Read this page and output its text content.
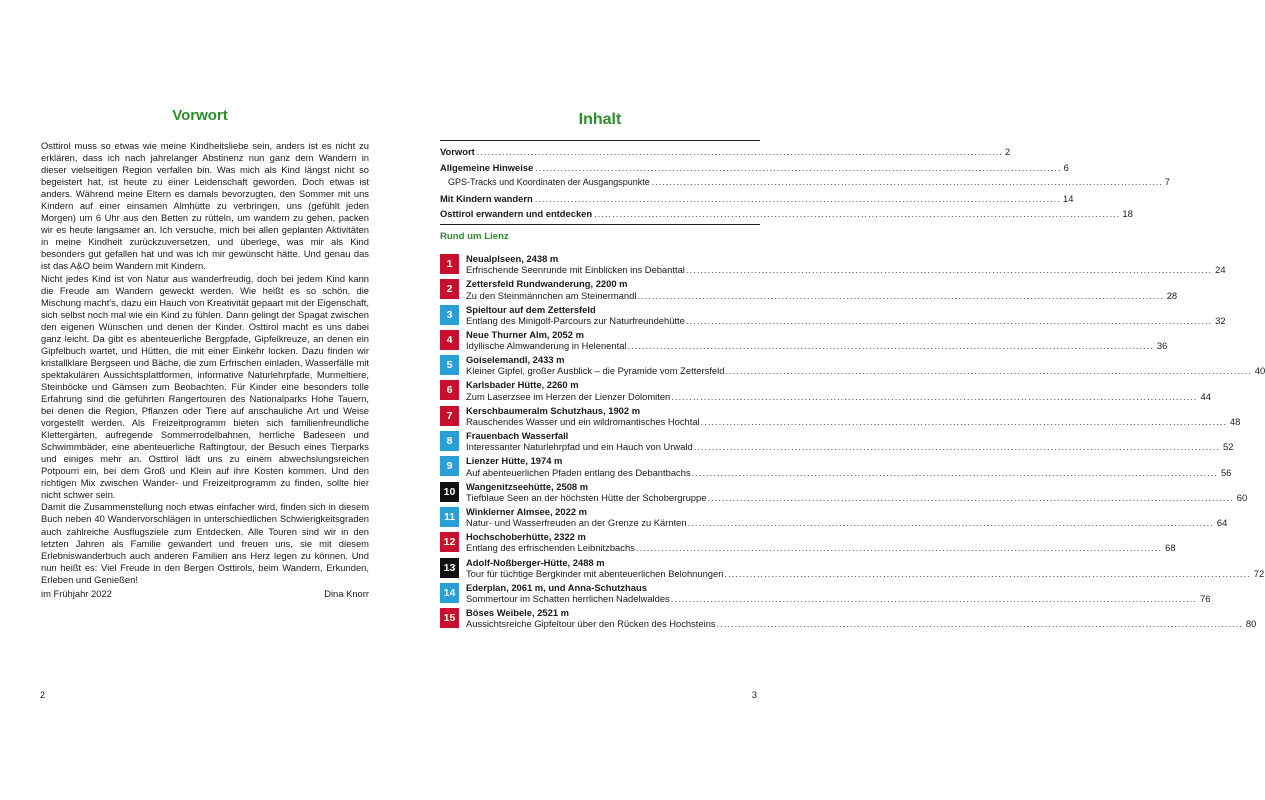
Vorwort

Osttirol muss so etwas wie meine Kindheitsliebe sein, anders ist es nicht zu erklären, dass ich nach jahrelanger Abstinenz nun ganz dem Wandern in dieser vielseitigen Region verfallen bin. Was mich als Kind längst nicht so begeistert hat, ist heute zu einer Leidenschaft geworden. Doch etwas ist anders. Während meine Eltern es damals bevorzugten, den Sommer mit uns Kindern auf einer einsamen Almhütte zu verbringen, uns (gefühlt jeden Morgen) um 6 Uhr aus den Betten zu rütteln, um wandern zu gehen, packen wir es heute langsamer an. Ich versuche, mich bei allen geplanten Aktivitäten in meine Kindheit zurückzuversetzen, und überlege, was mir als Kind besonders gut gefallen hat und was ich mir gewünscht hätte. Und genau das ist das A&O beim Wandern mit Kindern.

Nicht jedes Kind ist von Natur aus wanderfreudig, doch bei jedem Kind kann die Freude am Wandern geweckt werden. Wie heißt es so schön, die Mischung macht's, dazu ein Hauch von Kreativität gepaart mit der Eigenschaft, sich selbst noch mal wie ein Kind zu fühlen. Dann gelingt der Spagat zwischen den eigenen Wünschen und denen der Kinder. Osttirol macht es uns dabei ganz leicht. Da gibt es abenteuerliche Bergpfade, Gipfelkreuze, an denen ein Gipfelbuch wartet, und Hütten, die mit einer Einkehr locken. Dazu finden wir kristallklare Bergseen und Bäche, die zum Erfrischen einladen, Wasserfälle mit spektakulären Aussichtsplattformen, informative Naturlehrpfade, Murmeltiere, Steinböcke und Gämsen zum Beobachten. Für Kinder eine besonders tolle Erfahrung sind die geführten Rangertouren des Nationalparks Hohe Tauern, bei denen die Region, Pflanzen oder Tiere auf anschauliche Art und Weise vorgestellt werden. Als Freizeitprogramm bieten sich familienfreundliche Klettergärten, aufregende Sommerrodelbahnen, herrliche Badeseen und Schwimmbäder, eine abenteuerliche Raftingtour, der Besuch eines Tierparks und einiges mehr an. Osttirol lädt uns zu einem abwechslungsreichen Potpourri ein, bei dem Groß und Klein auf ihre Kosten kommen. Und den richtigen Mix zwischen Wander- und Freizeitprogramm zu finden, sollte hier nicht schwer sein.

Damit die Zusammenstellung noch etwas einfacher wird, finden sich in diesem Buch neben 40 Wandervorschlägen in unterschiedlichen Schwierigkeitsgraden auch zahlreiche Ausflugsziele zum Entdecken. Alle Touren sind wir in den letzten Jahren als Familie gewandert und freuen uns, sie mit diesem Erlebniswanderbuch auch anderen Familien ans Herz legen zu können. Und nun heißt es: Viel Freude in den Bergen Osttirols, beim Wandern, Erkunden, Erleben und Genießen!

im Frühjahr 2022	Dina Knorr
2
Inhalt
Vorwort .....	2
Allgemeine Hinweise .....	6
GPS-Tracks und Koordinaten der Ausgangspunkte .....	7
Mit Kindern wandern .....	14
Osttirol erwandern und entdecken .....	18
Rund um Lienz
1	Neualplseen, 2438 m
Erfrischende Seenrunde mit Einblicken ins Debanttal .....	24
2	Zettersfeld Rundwanderung, 2200 m
Zu den Steinmännchen am Steinermandl .....	28
3	Spieltour auf dem Zettersfeld
Entlang des Minigolf-Parcours zur Naturfreundehütte .....	32
4	Neue Thurner Alm, 2052 m
Idyllische Almwanderung in Helenental .....	36
5	Goiselemandl, 2433 m
Kleiner Gipfel, großer Ausblick – die Pyramide vom Zettersfeld .....	40
6	Karlsbader Hütte, 2260 m
Zum Laserzsee im Herzen der Lienzer Dolomiten .....	44
7	Kerschbaumeralm Schutzhaus, 1902 m
Rauschendes Wasser und ein wildromantisches Hochtal .....	48
8	Frauenbach Wasserfall
Interessanter Naturlehrpfad und ein Hauch von Urwald .....	52
9	Lienzer Hütte, 1974 m
Auf abenteuerlichen Pfaden entlang des Debantbachs .....	56
10	Wangenitzseehütte, 2508 m
Tiefblaue Seen an der höchsten Hütte der Schobergruppe .....	60
11	Winklerner Almsee, 2022 m
Natur- und Wasserfreuden an der Grenze zu Kärnten .....	64
12	Hochschoberhütte, 2322 m
Entlang des erfrischenden Leibnitzbachs .....	68
13	Adolf-Noßberger-Hütte, 2488 m
Tour für tüchtige Bergkinder mit abenteuerlichen Belohnungen .....	72
14	Ederplan, 2061 m, und Anna-Schutzhaus
Sommertour im Schatten herrlichen Nadelwaldes .....	76
15	Böses Weibele, 2521 m
Aussichtsreiche Gipfeltour über den Rücken des Hochsteins .....	80
3
